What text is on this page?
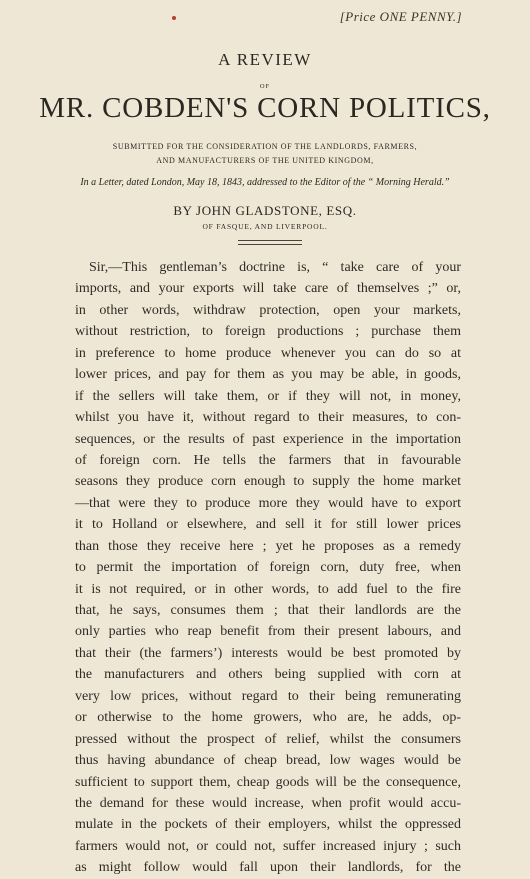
[Price ONE PENNY.]
A REVIEW
OF
MR. COBDEN'S CORN POLITICS,
SUBMITTED FOR THE CONSIDERATION OF THE LANDLORDS, FARMERS,
AND MANUFACTURERS OF THE UNITED KINGDOM,
In a Letter, dated London, May 18, 1843, addressed to the Editor of the “ Morning Herald.”
BY JOHN GLADSTONE, ESQ.
OF FASQUE, AND LIVERPOOL.
Sir,—This gentleman’s doctrine is, “ take care of your
imports, and your exports will take care of themselves ;” or,
in other words, withdraw protection, open your markets,
without restriction, to foreign productions ; purchase them
in preference to home produce whenever you can do so at
lower prices, and pay for them as you may be able, in goods,
if the sellers will take them, or if they will not, in money,
whilst you have it, without regard to their measures, to con-
sequences, or the results of past experience in the importation
of foreign corn. He tells the farmers that in favourable
seasons they produce corn enough to supply the home market
—that were they to produce more they would have to export
it to Holland or elsewhere, and sell it for still lower prices
than those they receive here ; yet he proposes as a remedy
to permit the importation of foreign corn, duty free, when
it is not required, or in other words, to add fuel to the fire
that, he says, consumes them ; that their landlords are the
only parties who reap benefit from their present labours, and
that their (the farmers’) interests would be best promoted by
the manufacturers and others being supplied with corn at
very low prices, without regard to their being remunerating
or otherwise to the home growers, who are, he adds, op-
pressed without the prospect of relief, whilst the consumers
thus having abundance of cheap bread, low wages would be
sufficient to support them, cheap goods will be the consequence,
the demand for these would increase, when profit would accu-
mulate in the pockets of their employers, whilst the oppressed
farmers would not, or could not, suffer increased injury ; such
as might follow would fall upon their landlords, for the
